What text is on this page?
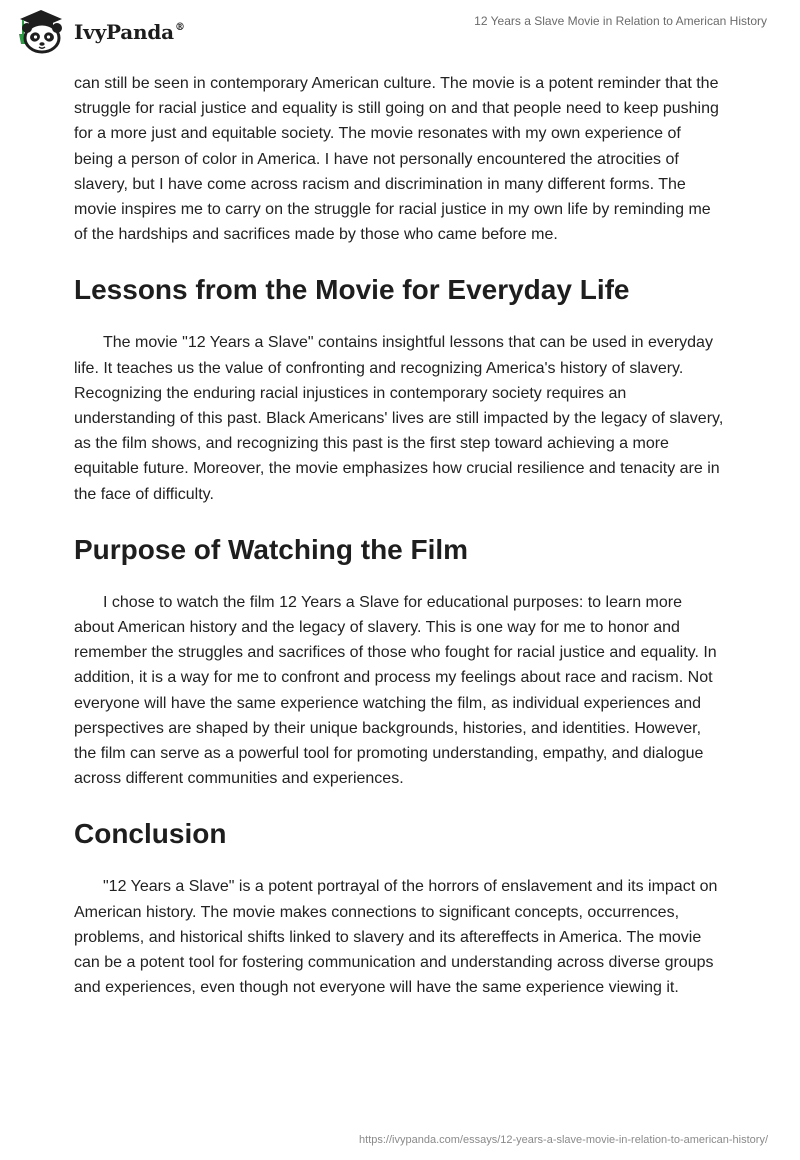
IvyPanda®	12 Years a Slave Movie in Relation to American History

can still be seen in contemporary American culture. The movie is a potent reminder that the struggle for racial justice and equality is still going on and that people need to keep pushing for a more just and equitable society. The movie resonates with my own experience of being a person of color in America. I have not personally encountered the atrocities of slavery, but I have come across racism and discrimination in many different forms. The movie inspires me to carry on the struggle for racial justice in my own life by reminding me of the hardships and sacrifices made by those who came before me.

Lessons from the Movie for Everyday Life

The movie "12 Years a Slave" contains insightful lessons that can be used in everyday life. It teaches us the value of confronting and recognizing America's history of slavery. Recognizing the enduring racial injustices in contemporary society requires an understanding of this past. Black Americans' lives are still impacted by the legacy of slavery, as the film shows, and recognizing this past is the first step toward achieving a more equitable future. Moreover, the movie emphasizes how crucial resilience and tenacity are in the face of difficulty.

Purpose of Watching the Film

I chose to watch the film 12 Years a Slave for educational purposes: to learn more about American history and the legacy of slavery. This is one way for me to honor and remember the struggles and sacrifices of those who fought for racial justice and equality. In addition, it is a way for me to confront and process my feelings about race and racism. Not everyone will have the same experience watching the film, as individual experiences and perspectives are shaped by their unique backgrounds, histories, and identities. However, the film can serve as a powerful tool for promoting understanding, empathy, and dialogue across different communities and experiences.

Conclusion

"12 Years a Slave" is a potent portrayal of the horrors of enslavement and its impact on American history. The movie makes connections to significant concepts, occurrences, problems, and historical shifts linked to slavery and its aftereffects in America. The movie can be a potent tool for fostering communication and understanding across diverse groups and experiences, even though not everyone will have the same experience viewing it.

https://ivypanda.com/essays/12-years-a-slave-movie-in-relation-to-american-history/
